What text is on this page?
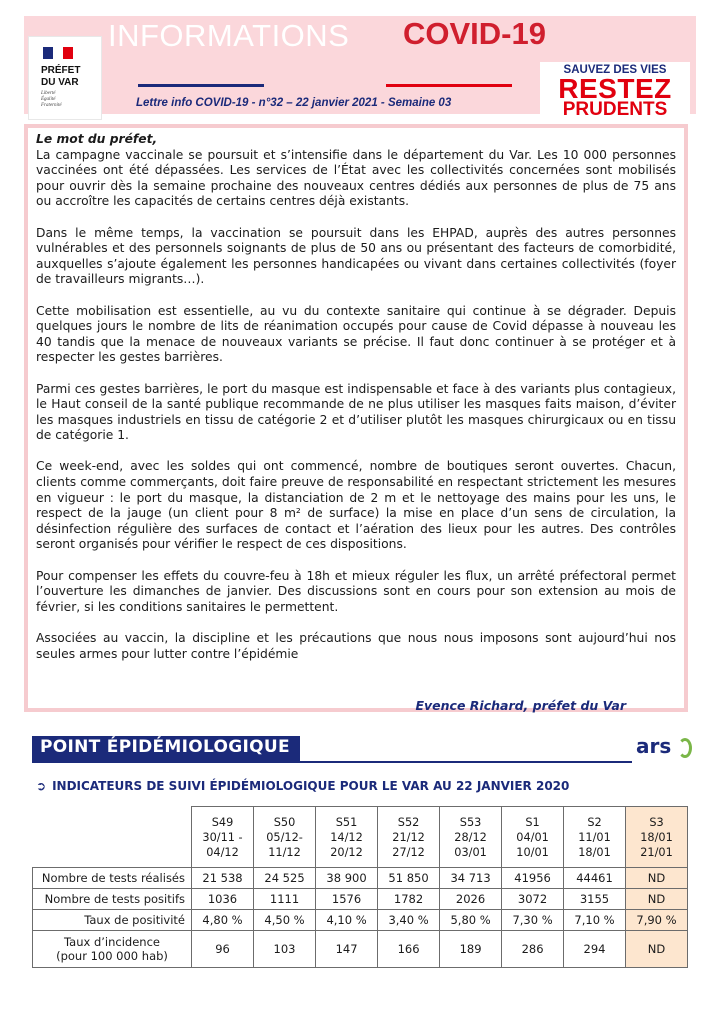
PRÉFET
DU VAR
Liberté
Égalité
Fraternité
INFORMATIONS COVID-19
Lettre info COVID-19 - n°32 – 22 janvier 2021 - Semaine 03
SAUVEZ DES VIES
RESTEZ
PRUDENTS
Le mot du préfet,

La campagne vaccinale se poursuit et s’intensifie dans le département du Var. Les 10 000 personnes vaccinées ont été dépassées. Les services de l’État avec les collectivités concernées sont mobilisés pour ouvrir dès la semaine prochaine des nouveaux centres dédiés aux personnes de plus de 75 ans ou accroître les capacités de certains centres déjà existants.

Dans le même temps, la vaccination se poursuit dans les EHPAD, auprès des autres personnes vulnérables et des personnels soignants de plus de 50 ans ou présentant des facteurs de comorbidité, auxquelles s’ajoute également les personnes handicapées ou vivant dans certaines collectivités (foyer de travailleurs migrants…).

Cette mobilisation est essentielle, au vu du contexte sanitaire qui continue à se dégrader. Depuis quelques jours le nombre de lits de réanimation occupés pour cause de Covid dépasse à nouveau les 40 tandis que la menace de nouveaux variants se précise. Il faut donc continuer à se protéger et à respecter les gestes barrières.

Parmi ces gestes barrières, le port du masque est indispensable et face à des variants plus contagieux, le Haut conseil de la santé publique recommande de ne plus utiliser les masques faits maison, d’éviter les masques industriels en tissu de catégorie 2 et d’utiliser plutôt les masques chirurgicaux ou en tissu de catégorie 1.

Ce week-end, avec les soldes qui ont commencé, nombre de boutiques seront ouvertes. Chacun, clients comme commerçants, doit faire preuve de responsabilité en respectant strictement les mesures en vigueur : le port du masque, la distanciation de 2 m et le nettoyage des mains pour les uns, le respect de la jauge (un client pour 8 m² de surface) la mise en place d’un sens de circulation, la désinfection régulière des surfaces de contact et l’aération des lieux pour les autres. Des contrôles seront organisés pour vérifier le respect de ces dispositions.

Pour compenser les effets du couvre-feu à 18h et mieux réguler les flux, un arrêté préfectoral permet l’ouverture les dimanches de janvier. Des discussions sont en cours pour son extension au mois de février, si les conditions sanitaires le permettent.

Associées au vaccin, la discipline et les précautions que nous nous imposons sont aujourd’hui nos seules armes pour lutter contre l’épidémie

Evence Richard, préfet du Var
POINT ÉPIDÉMIOLOGIQUE	ars
➲ INDICATEURS DE SUIVI ÉPIDÉMIOLOGIQUE POUR LE VAR AU 22 JANVIER 2020
	S49
30/11 -
04/12	S50
05/12-
11/12	S51
14/12
20/12	S52
21/12
27/12	S53
28/12
03/01	S1
04/01
10/01	S2
11/01
18/01	S3
18/01
21/01
Nombre de tests réalisés	21 538	24 525	38 900	51 850	34 713	41956	44461	ND
Nombre de tests positifs	1036	1111	1576	1782	2026	3072	3155	ND
Taux de positivité	4,80 %	4,50 %	4,10 %	3,40 %	5,80 %	7,30 %	7,10 %	7,90 %
Taux d’incidence
(pour 100 000 hab)	96	103	147	166	189	286	294	ND
